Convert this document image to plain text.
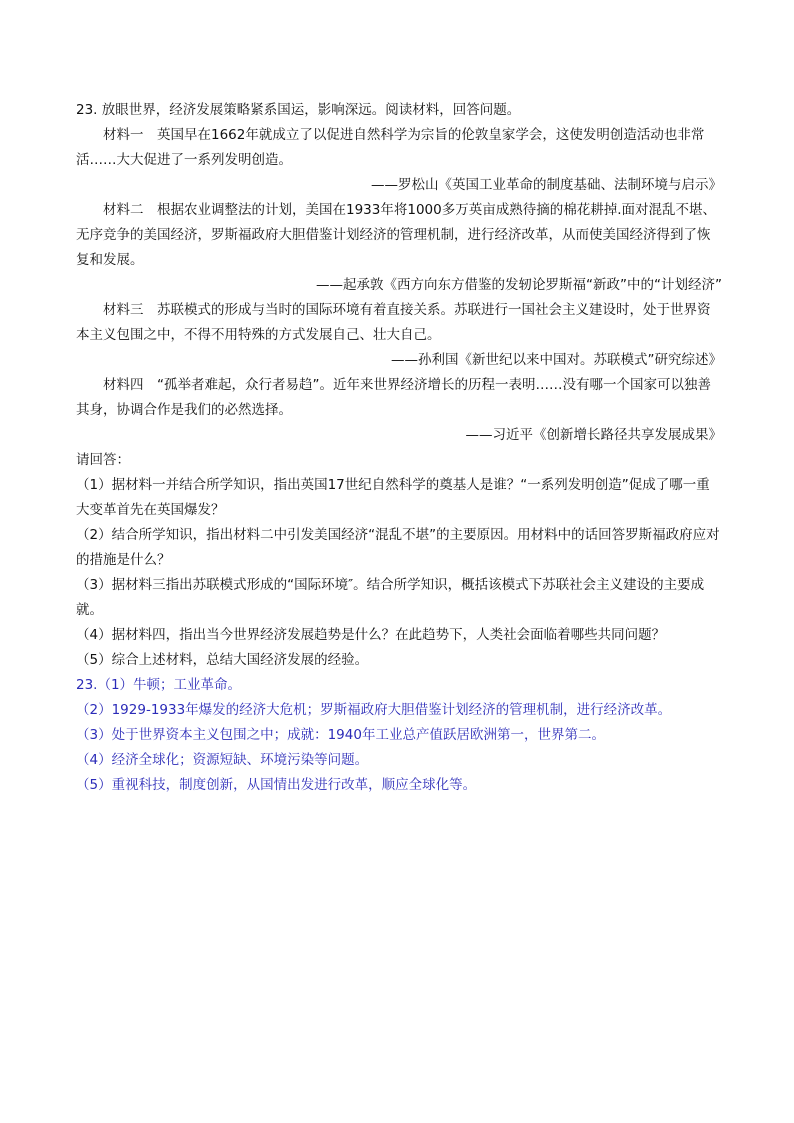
23. 放眼世界，经济发展策略紧系国运，影响深远。阅读材料，回答问题。
材料一　英国早在1662年就成立了以促进自然科学为宗旨的伦敦皇家学会，这使发明创造活动也非常活……大大促进了一系列发明创造。
——罗松山《英国工业革命的制度基础、法制环境与启示》
材料二　根据农业调整法的计划，美国在1933年将1000多万英亩成熟待摘的棉花耕掉.面对混乱不堪、无序竞争的美国经济，罗斯福政府大胆借鉴计划经济的管理机制，进行经济改革，从而使美国经济得到了恢复和发展。
——起承敦《西方向东方借鉴的发轫论罗斯福“新政”中的“计划经济”
材料三　苏联模式的形成与当时的国际环境有着直接关系。苏联进行一国社会主义建设时，处于世界资本主义包围之中，不得不用特殊的方式发展自己、壮大自己。
——孙利国《新世纪以来中国对。苏联模式”研究综述》
材料四　“孤举者难起，众行者易趋”。近年来世界经济增长的历程一表明……没有哪一个国家可以独善其身，协调合作是我们的必然选择。
——习近平《创新增长路径共享发展成果》
请回答：
（1）据材料一并结合所学知识，指出英国17世纪自然科学的奠基人是谁？“一系列发明创造”促成了哪一重大变革首先在英国爆发？
（2）结合所学知识，指出材料二中引发美国经济“混乱不堪”的主要原因。用材料中的话回答罗斯福政府应对的措施是什么？
（3）据材料三指出苏联模式形成的“国际环境″。结合所学知识，概括该模式下苏联社会主义建设的主要成就。
（4）据材料四，指出当今世界经济发展趋势是什么？在此趋势下，人类社会面临着哪些共同问题？
（5）综合上述材料，总结大国经济发展的经验。
23.（1）牛顿；工业革命。
（2）1929-1933年爆发的经济大危机；罗斯福政府大胆借鉴计划经济的管理机制，进行经济改革。
（3）处于世界资本主义包围之中；成就：1940年工业总产值跃居欧洲第一，世界第二。
（4）经济全球化；资源短缺、环境污染等问题。
（5）重视科技，制度创新，从国情出发进行改革，顺应全球化等。
